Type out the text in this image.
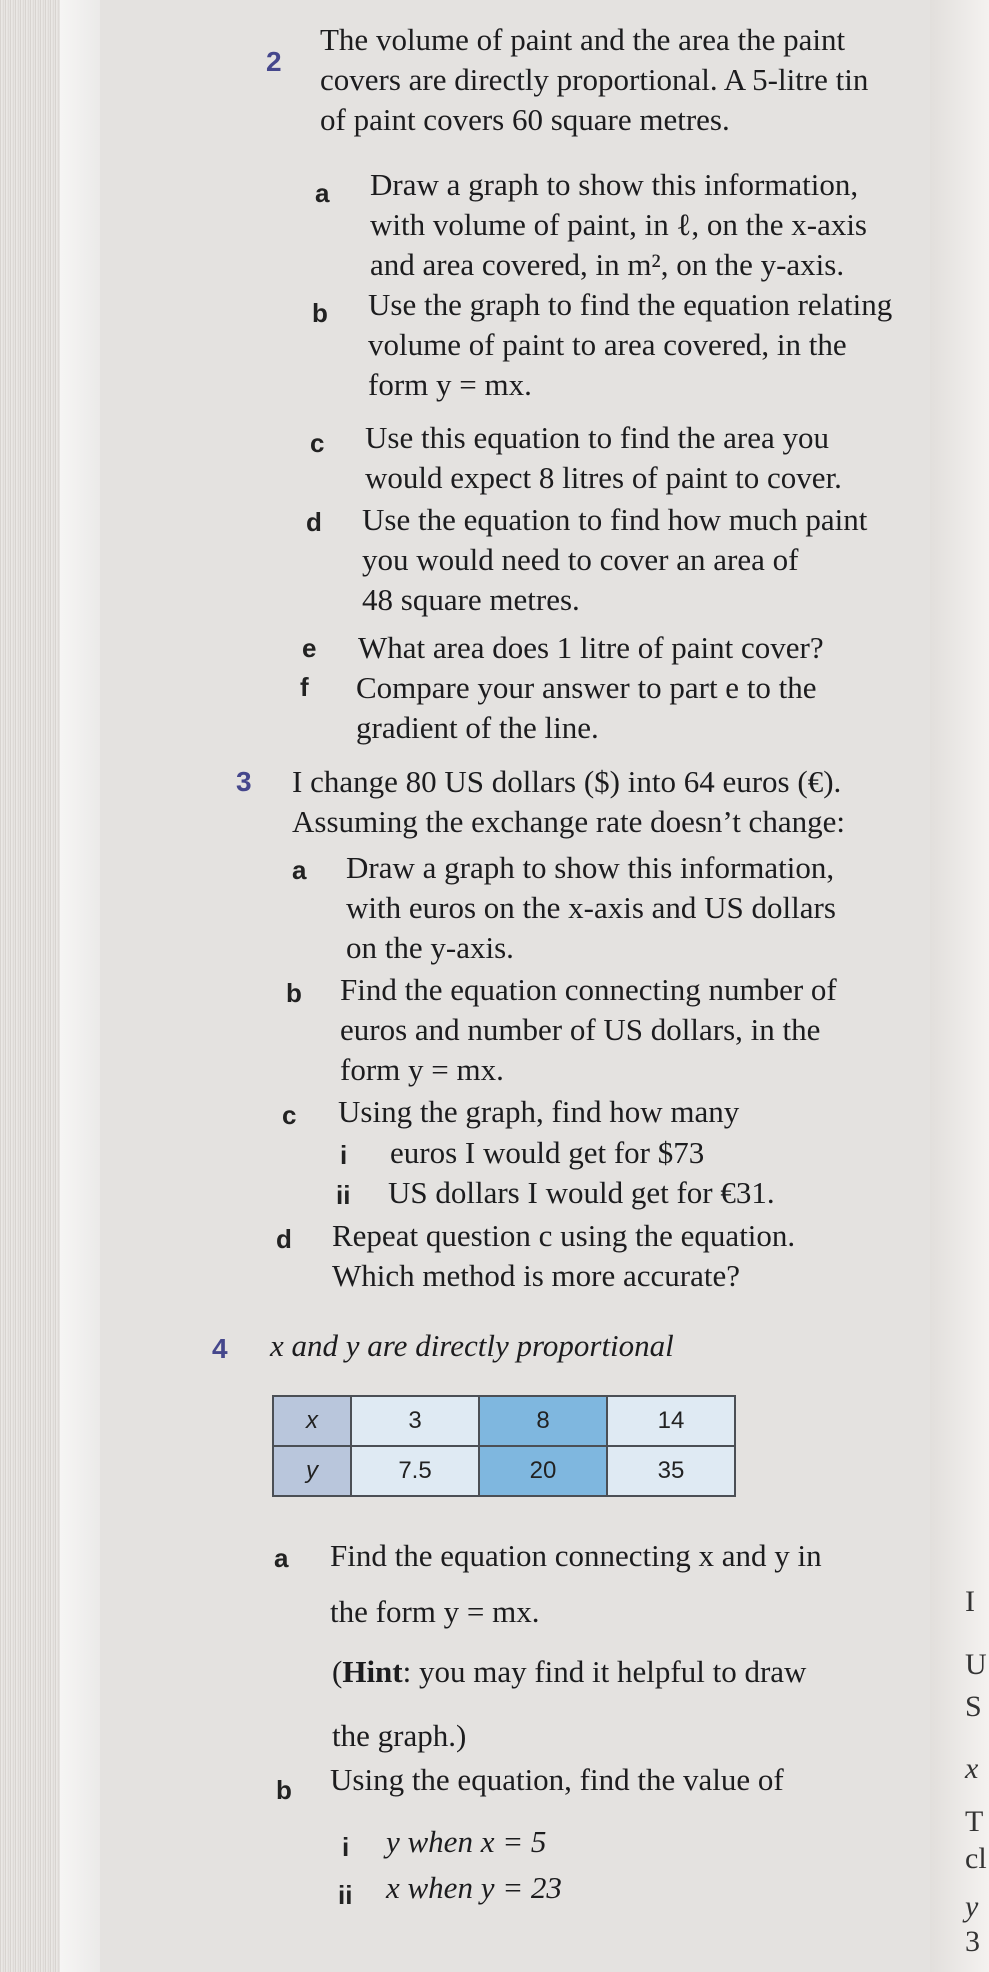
I
U
S
x
T
cl
y
3
2
The volume of paint and the area the paint
covers are directly proportional. A 5-litre tin
of paint covers 60 square metres.
a Draw a graph to show this information,
with volume of paint, in ℓ, on the x-axis
and area covered, in m², on the y-axis.
b Use the graph to find the equation relating
volume of paint to area covered, in the
form y = mx.
c Use this equation to find the area you
would expect 8 litres of paint to cover.
d Use the equation to find how much paint
you would need to cover an area of
48 square metres.
e What area does 1 litre of paint cover?
f Compare your answer to part e to the
gradient of the line.
3 I change 80 US dollars ($) into 64 euros (€).
Assuming the exchange rate doesn’t change:
a Draw a graph to show this information,
with euros on the x-axis and US dollars
on the y-axis.
b Find the equation connecting number of
euros and number of US dollars, in the
form y = mx.
c Using the graph, find how many
i euros I would get for $73
ii US dollars I would get for €31.
d Repeat question c using the equation.
Which method is more accurate?
4 x and y are directly proportional
x	3	8	14
y	7.5	20	35
a Find the equation connecting x and y in
the form y = mx.
(Hint: you may find it helpful to draw
the graph.)
b Using the equation, find the value of
i y when x = 5
ii x when y = 23
